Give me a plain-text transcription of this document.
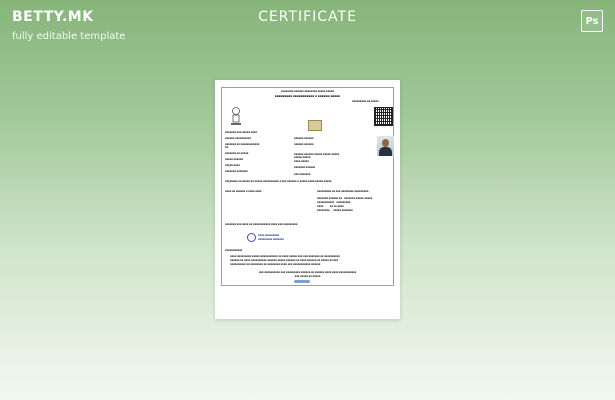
BETTY.MK
fully editable template
CERTIFICATE	Ps
■■■■■■■■ ■■■■■■ ■■■■■■■■ ■■■■■ ■■■■■
■■■■■■■■■ ■■■■■■■■■■■ ■ ■■■■■■ ■■■■■
■■■■■■■■■ ■■ ■■■■■
■■■■■■■ ■■■ ■■■■■ ■■■■
■■■■■■ ■■■■■■■■■■
■■■■■■■ ■■ ■■■■■■■■■■■■
■■
■■■■■■■ ■■ ■■■■■
■■■■■ ■■■■■■
■■■■■ ■■■■
■■■■■■■ ■■■■■■■
■■■■■■ ■■■■■■
■■■■■■ ■■■■■■
■■■■■■ ■■■■■■ ■■■■■ ■■■■■ ■■■■■
■■■■■ ■■■■■
■■■■ ■■■■■
■■■■■■■ ■■■■■■
■■■ ■■■■■■■
■■■■■■■■ ■■ ■■■■■ ■■ ■■■■■ ■■■■■■■■■■ ■ ■■■ ■■■■■■ ■ ■■■■■ ■■■■ ■■■■■ ■■■■■
■■■■ ■■ ■■■■■■ ■ ■■■■ ■■■■	■■■■■■■■■ ■■ ■■■ ■■■■■■■■ ■■■■■■■■■
■■■■■■■ ■■■■■■ ■■   ■■■■■■■ ■■■■■ ■■■■■
■■■■■■■■■■■   ■■■■■■■■■
■■■■         ■■ ■■ ■■■■
■■■■■■■■     ■■■■■ ■■■■■■■
■■■■■■■ ■■■ ■■■■ ■■ ■■■■■■■■■■■ ■■■■ ■■■ ■■■■■■■■■
■■■■ ■■■■■■■■■
■■■■■■■■■ ■■■■■■■
■■■■■■■■■■■
■■■■ ■■■■■■■■■ ■■■■■ ■■■■■■■■■■■ ■■ ■■■■ ■■■■■ ■■■ ■■■ ■■■■■■■ ■■ ■■■■■■■■■■
■■■■■■ ■■ ■■■■ ■■■■■■■■■■ ■■■■■■ ■■■■■ ■■■■■■ ■■ ■■■■ ■■■■■■ ■■ ■■■■■ ■■ ■■■
■■■■■■■■■■ ■■ ■■■■■■■■ ■■ ■■■■■■■■ ■■■■ ■■■ ■■■■■■■■■■■ ■■■■■■
■■■ ■■■■■■■■■■ ■■■ ■■■■■■■■■ ■■■■■■ ■■ ■■■■■■ ■■■■ ■■■■ ■■■■■■■■■■■
■■■ ■■■■■ ■■ ■■■■■
